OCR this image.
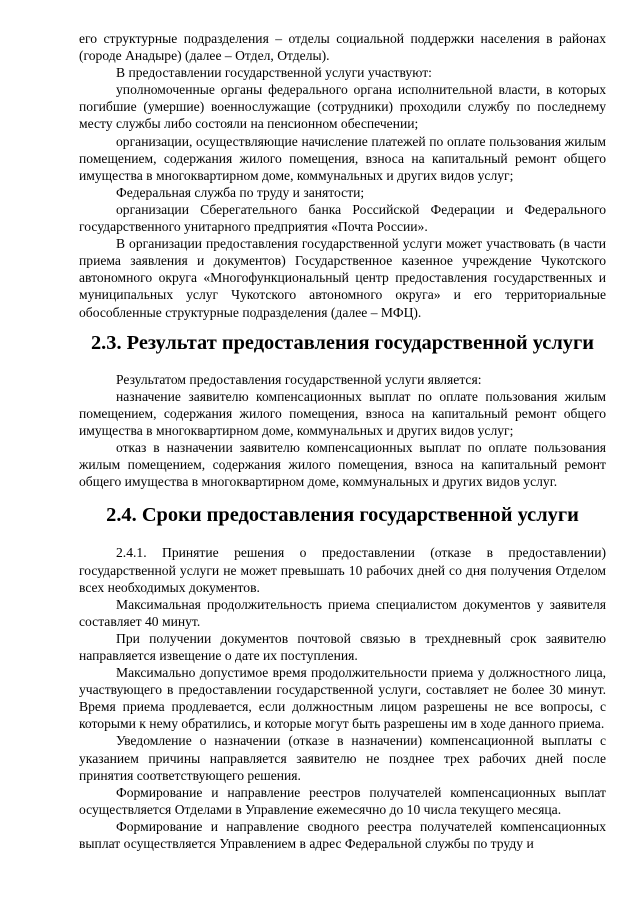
его структурные подразделения – отделы социальной поддержки населения в районах (городе Анадыре) (далее – Отдел, Отделы).

В предоставлении государственной услуги участвуют:

уполномоченные органы федерального органа исполнительной власти, в которых погибшие (умершие) военнослужащие (сотрудники) проходили службу по последнему месту службы либо состояли на пенсионном обеспечении;

организации, осуществляющие начисление платежей по оплате пользования жилым помещением, содержания жилого помещения, взноса на капитальный ремонт общего имущества в многоквартирном доме, коммунальных и других видов услуг;

Федеральная служба по труду и занятости;

организации Сберегательного банка Российской Федерации и Федерального государственного унитарного предприятия «Почта России».

В организации предоставления государственной услуги может участвовать (в части приема заявления и документов) Государственное казенное учреждение Чукотского автономного округа «Многофункциональный центр предоставления государственных и муниципальных услуг Чукотского автономного округа» и его территориальные обособленные структурные подразделения (далее – МФЦ).

2.3. Результат предоставления государственной услуги

Результатом предоставления государственной услуги является:

назначение заявителю компенсационных выплат по оплате пользования жилым помещением, содержания жилого помещения, взноса на капитальный ремонт общего имущества в многоквартирном доме, коммунальных и других видов услуг;

отказ в назначении заявителю компенсационных выплат по оплате пользования жилым помещением, содержания жилого помещения, взноса на капитальный ремонт общего имущества в многоквартирном доме, коммунальных и других видов услуг.

2.4. Сроки предоставления государственной услуги

2.4.1. Принятие решения о предоставлении (отказе в предоставлении) государственной услуги не может превышать 10 рабочих дней со дня получения Отделом всех необходимых документов.

Максимальная продолжительность приема специалистом документов у заявителя составляет 40 минут.

При получении документов почтовой связью в трехдневный срок заявителю направляется извещение о дате их поступления.

Максимально допустимое время продолжительности приема у должностного лица, участвующего в предоставлении государственной услуги, составляет не более 30 минут. Время приема продлевается, если должностным лицом разрешены не все вопросы, с которыми к нему обратились, и которые могут быть разрешены им в ходе данного приема.

Уведомление о назначении (отказе в назначении) компенсационной выплаты с указанием причины направляется заявителю не позднее трех рабочих дней после принятия соответствующего решения.

Формирование и направление реестров получателей компенсационных выплат осуществляется Отделами в Управление ежемесячно до 10 числа текущего месяца.

Формирование и направление сводного реестра получателей компенсационных выплат осуществляется Управлением в адрес Федеральной службы по труду и
